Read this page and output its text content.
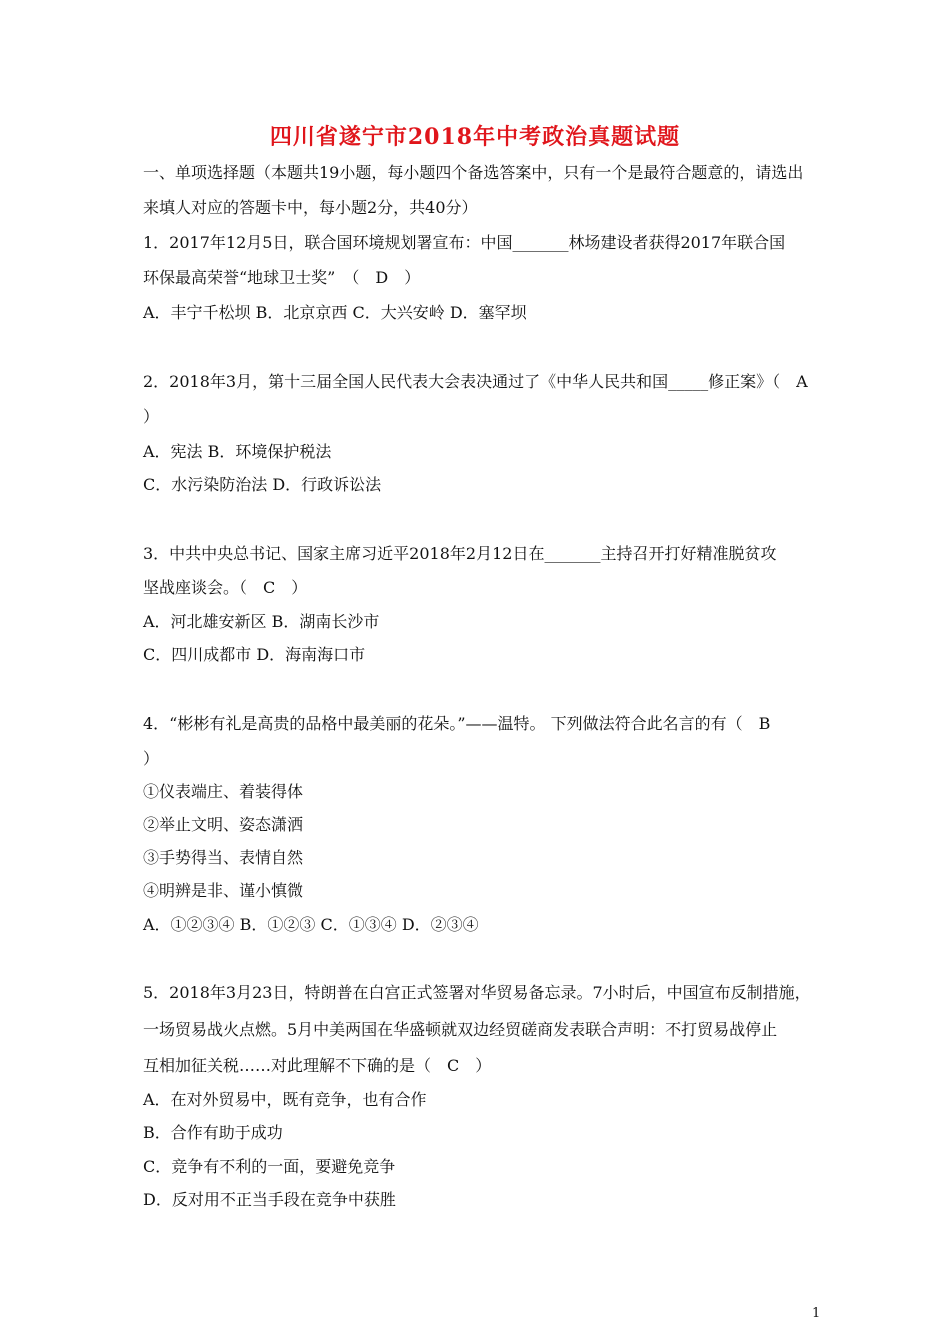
四川省遂宁市2018年中考政治真题试题
一、单项选择题（本题共19小题，每小题四个备选答案中，只有一个是最符合题意的，请选出
来填人对应的答题卡中，每小题2分，共40分）
1．2017年12月5日，联合国环境规划署宣布：中国_______林场建设者获得2017年联合国
环保最高荣誉“地球卫士奖”　（　D　）
A．丰宁千松坝 B．北京京西 C．大兴安岭 D．塞罕坝
2．2018年3月，第十三届全国人民代表大会表决通过了《中华人民共和国_____修正案》（　A
）
A．宪法 B．环境保护税法
C．水污染防治法 D．行政诉讼法
3．中共中央总书记、国家主席习近平2018年2月12日在_______主持召开打好精准脱贫攻
坚战座谈会。（　C　）
A．河北雄安新区 B．湖南长沙市
C．四川成都市 D．海南海口市
4．“彬彬有礼是高贵的品格中最美丽的花朵。”——温特。 下列做法符合此名言的有（　B
）
①仪表端庄、着装得体
②举止文明、姿态潇洒
③手势得当、表情自然
④明辨是非、谨小慎微
A．①②③④ B．①②③ C．①③④ D．②③④
5．2018年3月23日，特朗普在白宫正式签署对华贸易备忘录。7小时后，中国宣布反制措施，
一场贸易战火点燃。5月中美两国在华盛顿就双边经贸磋商发表联合声明：不打贸易战停止
互相加征关税……对此理解不下确的是（　C　）
A．在对外贸易中，既有竞争，也有合作
B．合作有助于成功
C．竞争有不利的一面，要避免竞争
D．反对用不正当手段在竞争中获胜
1
